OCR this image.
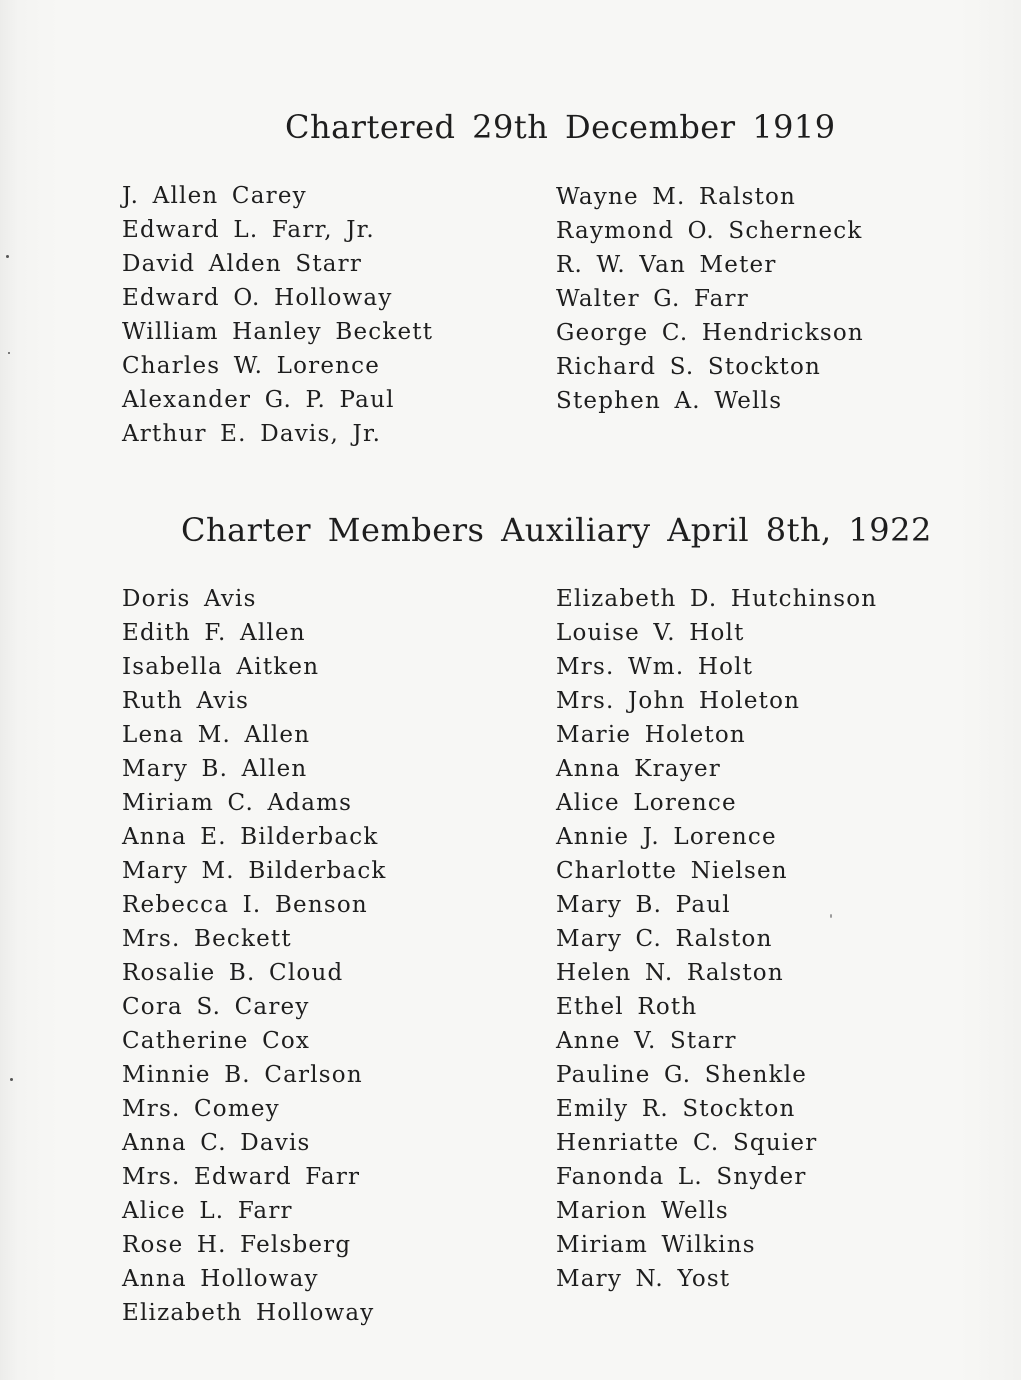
Chartered 29th December 1919
J. Allen Carey
Edward L. Farr, Jr.
David Alden Starr
Edward O. Holloway
William Hanley Beckett
Charles W. Lorence
Alexander G. P. Paul
Arthur E. Davis, Jr.
Wayne M. Ralston
Raymond O. Scherneck
R. W. Van Meter
Walter G. Farr
George C. Hendrickson
Richard S. Stockton
Stephen A. Wells
Charter Members Auxiliary April 8th, 1922
Doris Avis
Edith F. Allen
Isabella Aitken
Ruth Avis
Lena M. Allen
Mary B. Allen
Miriam C. Adams
Anna E. Bilderback
Mary M. Bilderback
Rebecca I. Benson
Mrs. Beckett
Rosalie B. Cloud
Cora S. Carey
Catherine Cox
Minnie B. Carlson
Mrs. Comey
Anna C. Davis
Mrs. Edward Farr
Alice L. Farr
Rose H. Felsberg
Anna Holloway
Elizabeth Holloway
Elizabeth D. Hutchinson
Louise V. Holt
Mrs. Wm. Holt
Mrs. John Holeton
Marie Holeton
Anna Krayer
Alice Lorence
Annie J. Lorence
Charlotte Nielsen
Mary B. Paul
Mary C. Ralston
Helen N. Ralston
Ethel Roth
Anne V. Starr
Pauline G. Shenkle
Emily R. Stockton
Henriatte C. Squier
Fanonda L. Snyder
Marion Wells
Miriam Wilkins
Mary N. Yost
